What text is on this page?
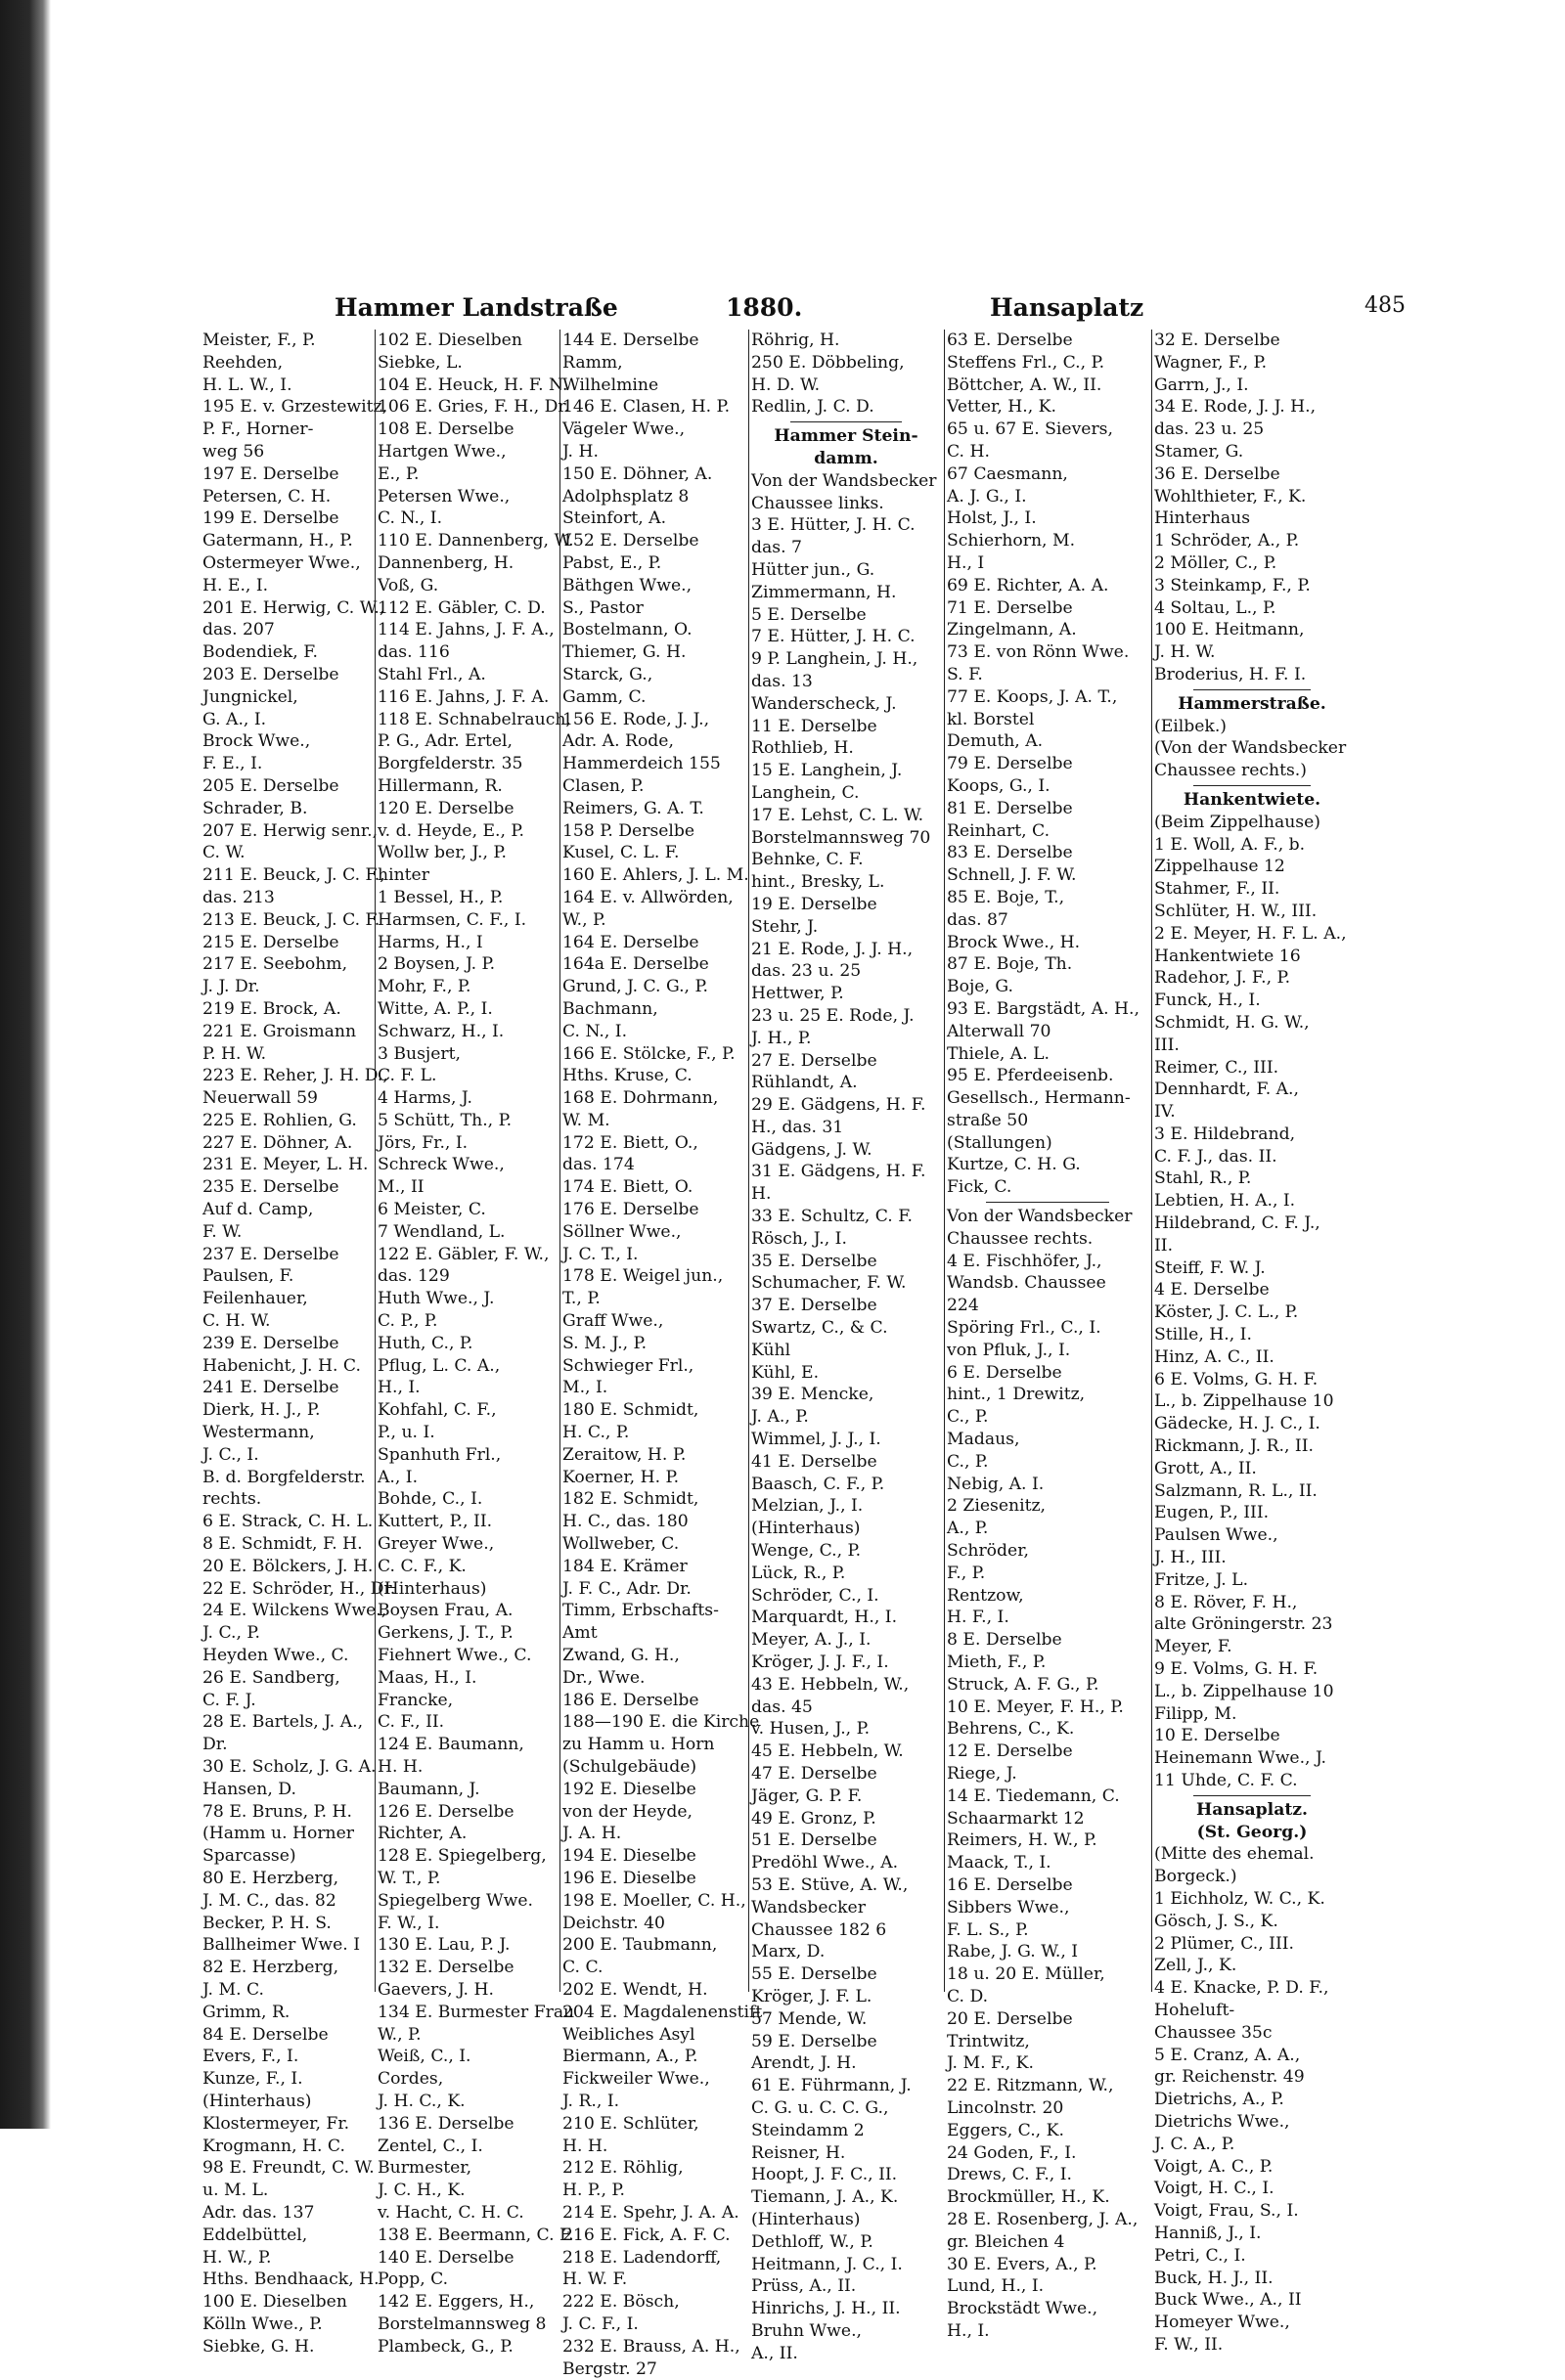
Hammer Landstraße	1880.	Hansaplatz	485
Meister, F., P.
Reehden,
H. L. W., I.
195 E. v. Grzestewitz,
P. F., Horner-
weg 56
197 E. Derselbe
Petersen, C. H.
199 E. Derselbe
Gatermann, H., P.
Ostermeyer Wwe.,
H. E., I.
201 E. Herwig, C. W.,
das. 207
Bodendiek, F.
203 E. Derselbe
Jungnickel,
G. A., I.
Brock Wwe.,
F. E., I.
205 E. Derselbe
Schrader, B.
207 E. Herwig senr.,
C. W.
211 E. Beuck, J. C. F.,
das. 213
213 E. Beuck, J. C. F.
215 E. Derselbe
217 E. Seebohm,
J. J. Dr.
219 E. Brock, A.
221 E. Groismann
P. H. W.
223 E. Reher, J. H. D.,
Neuerwall 59
225 E. Rohlien, G.
227 E. Döhner, A.
231 E. Meyer, L. H.
235 E. Derselbe
Auf d. Camp,
F. W.
237 E. Derselbe
Paulsen, F.
Feilenhauer,
C. H. W.
239 E. Derselbe
Habenicht, J. H. C.
241 E. Derselbe
Dierk, H. J., P.
Westermann,
J. C., I.
B. d. Borgfelderstr.
rechts.
6 E. Strack, C. H. L.
8 E. Schmidt, F. H.
20 E. Bölckers, J. H.
22 E. Schröder, H., Dr.
24 E. Wilckens Wwe.,
J. C., P.
Heyden Wwe., C.
26 E. Sandberg,
C. F. J.
28 E. Bartels, J. A.,
Dr.
30 E. Scholz, J. G. A.
Hansen, D.
78 E. Bruns, P. H.
(Hamm u. Horner
Sparcasse)
80 E. Herzberg,
J. M. C., das. 82
Becker, P. H. S.
Ballheimer Wwe. I
82 E. Herzberg,
J. M. C.
Grimm, R.
84 E. Derselbe
Evers, F., I.
Kunze, F., I.
(Hinterhaus)
Klostermeyer, Fr.
Krogmann, H. C.
98 E. Freundt, C. W.
u. M. L.
Adr. das. 137
Eddelbüttel,
H. W., P.
Hths. Bendhaack, H.
100 E. Dieselben
Kölln Wwe., P.
Siebke, G. H.
102 E. Dieselben
Siebke, L.
104 E. Heuck, H. F. N.
106 E. Gries, F. H., Dr.
108 E. Derselbe
Hartgen Wwe.,
E., P.
Petersen Wwe.,
C. N., I.
110 E. Dannenberg, W.
Dannenberg, H.
Voß, G.
112 E. Gäbler, C. D.
114 E. Jahns, J. F. A.,
das. 116
Stahl Frl., A.
116 E. Jahns, J. F. A.
118 E. Schnabelrauch,
P. G., Adr. Ertel,
Borgfelderstr. 35
Hillermann, R.
120 E. Derselbe
v. d. Heyde, E., P.
Wollw ber, J., P.
hinter
1 Bessel, H., P.
Harmsen, C. F., I.
Harms, H., I
2 Boysen, J. P.
Mohr, F., P.
Witte, A. P., I.
Schwarz, H., I.
3 Busjert,
C. F. L.
4 Harms, J.
5 Schütt, Th., P.
Jörs, Fr., I.
Schreck Wwe.,
M., II
6 Meister, C.
7 Wendland, L.
122 E. Gäbler, F. W.,
das. 129
Huth Wwe., J.
C. P., P.
Huth, C., P.
Pflug, L. C. A.,
H., I.
Kohfahl, C. F.,
P., u. I.
Spanhuth Frl.,
A., I.
Bohde, C., I.
Kuttert, P., II.
Greyer Wwe.,
C. C. F., K.
(Hinterhaus)
Boysen Frau, A.
Gerkens, J. T., P.
Fiehnert Wwe., C.
Maas, H., I.
Francke,
C. F., II.
124 E. Baumann,
H. H.
Baumann, J.
126 E. Derselbe
Richter, A.
128 E. Spiegelberg,
W. T., P.
Spiegelberg Wwe.
F. W., I.
130 E. Lau, P. J.
132 E. Derselbe
Gaevers, J. H.
134 E. Burmester Frau
W., P.
Weiß, C., I.
Cordes,
J. H. C., K.
136 E. Derselbe
Zentel, C., I.
Burmester,
J. C. H., K.
v. Hacht, C. H. C.
138 E. Beermann, C. F.
140 E. Derselbe
Popp, C.
142 E. Eggers, H.,
Borstelmannsweg 8
Plambeck, G., P.
144 E. Derselbe
Ramm,
Wilhelmine
146 E. Clasen, H. P.
Vägeler Wwe.,
J. H.
150 E. Döhner, A.
Adolphsplatz 8
Steinfort, A.
152 E. Derselbe
Pabst, E., P.
Bäthgen Wwe.,
S., Pastor
Bostelmann, O.
Thiemer, G. H.
Starck, G.,
Gamm, C.
156 E. Rode, J. J.,
Adr. A. Rode,
Hammerdeich 155
Clasen, P.
Reimers, G. A. T.
158 P. Derselbe
Kusel, C. L. F.
160 E. Ahlers, J. L. M.
164 E. v. Allwörden,
W., P.
164 E. Derselbe
164a E. Derselbe
Grund, J. C. G., P.
Bachmann,
C. N., I.
166 E. Stölcke, F., P.
Hths. Kruse, C.
168 E. Dohrmann,
W. M.
172 E. Biett, O.,
das. 174
174 E. Biett, O.
176 E. Derselbe
Söllner Wwe.,
J. C. T., I.
178 E. Weigel jun.,
T., P.
Graff Wwe.,
S. M. J., P.
Schwieger Frl.,
M., I.
180 E. Schmidt,
H. C., P.
Zeraitow, H. P.
Koerner, H. P.
182 E. Schmidt,
H. C., das. 180
Wollweber, C.
184 E. Krämer
J. F. C., Adr. Dr.
Timm, Erbschafts-
Amt
Zwand, G. H.,
Dr., Wwe.
186 E. Derselbe
188—190 E. die Kirche
zu Hamm u. Horn
(Schulgebäude)
192 E. Dieselbe
von der Heyde,
J. A. H.
194 E. Dieselbe
196 E. Dieselbe
198 E. Moeller, C. H.,
Deichstr. 40
200 E. Taubmann,
C. C.
202 E. Wendt, H.
204 E. Magdalenenstift
Weibliches Asyl
Biermann, A., P.
Fickweiler Wwe.,
J. R., I.
210 E. Schlüter,
H. H.
212 E. Röhlig,
H. P., P.
214 E. Spehr, J. A. A.
216 E. Fick, A. F. C.
218 E. Ladendorff,
H. W. F.
222 E. Bösch,
J. C. F., I.
232 E. Brauss, A. H.,
Bergstr. 27
Röhrig, H.
250 E. Döbbeling,
H. D. W.
Redlin, J. C. D.
Hammer Stein-
damm.
Von der Wandsbecker
Chaussee links.
3 E. Hütter, J. H. C.
das. 7
Hütter jun., G.
Zimmermann, H.
5 E. Derselbe
7 E. Hütter, J. H. C.
9 P. Langhein, J. H.,
das. 13
Wanderscheck, J.
11 E. Derselbe
Rothlieb, H.
15 E. Langhein, J.
Langhein, C.
17 E. Lehst, C. L. W.
Borstelmannsweg 70
Behnke, C. F.
hint., Bresky, L.
19 E. Derselbe
Stehr, J.
21 E. Rode, J. J. H.,
das. 23 u. 25
Hettwer, P.
23 u. 25 E. Rode, J.
J. H., P.
27 E. Derselbe
Rühlandt, A.
29 E. Gädgens, H. F.
H., das. 31
Gädgens, J. W.
31 E. Gädgens, H. F.
H.
33 E. Schultz, C. F.
Rösch, J., I.
35 E. Derselbe
Schumacher, F. W.
37 E. Derselbe
Swartz, C., & C.
Kühl
Kühl, E.
39 E. Mencke,
J. A., P.
Wimmel, J. J., I.
41 E. Derselbe
Baasch, C. F., P.
Melzian, J., I.
(Hinterhaus)
Wenge, C., P.
Lück, R., P.
Schröder, C., I.
Marquardt, H., I.
Meyer, A. J., I.
Kröger, J. J. F., I.
43 E. Hebbeln, W.,
das. 45
v. Husen, J., P.
45 E. Hebbeln, W.
47 E. Derselbe
Jäger, G. P. F.
49 E. Gronz, P.
51 E. Derselbe
Predöhl Wwe., A.
53 E. Stüve, A. W.,
Wandsbecker
Chaussee 182 6
Marx, D.
55 E. Derselbe
Kröger, J. F. L.
57 Mende, W.
59 E. Derselbe
Arendt, J. H.
61 E. Führmann, J.
C. G. u. C. C. G.,
Steindamm 2
Reisner, H.
Hoopt, J. F. C., II.
Tiemann, J. A., K.
(Hinterhaus)
Dethloff, W., P.
Heitmann, J. C., I.
Prüss, A., II.
Hinrichs, J. H., II.
Bruhn Wwe.,
A., II.
63 E. Derselbe
Steffens Frl., C., P.
Böttcher, A. W., II.
Vetter, H., K.
65 u. 67 E. Sievers,
C. H.
67 Caesmann,
A. J. G., I.
Holst, J., I.
Schierhorn, M.
H., I
69 E. Richter, A. A.
71 E. Derselbe
Zingelmann, A.
73 E. von Rönn Wwe.
S. F.
77 E. Koops, J. A. T.,
kl. Borstel
Demuth, A.
79 E. Derselbe
Koops, G., I.
81 E. Derselbe
Reinhart, C.
83 E. Derselbe
Schnell, J. F. W.
85 E. Boje, T.,
das. 87
Brock Wwe., H.
87 E. Boje, Th.
Boje, G.
93 E. Bargstädt, A. H.,
Alterwall 70
Thiele, A. L.
95 E. Pferdeeisenb.
Gesellsch., Hermann-
straße 50
(Stallungen)
Kurtze, C. H. G.
Fick, C.
Von der Wandsbecker
Chaussee rechts.
4 E. Fischhöfer, J.,
Wandsb. Chaussee
224
Spöring Frl., C., I.
von Pfluk, J., I.
6 E. Derselbe
hint., 1 Drewitz,
C., P.
Madaus,
C., P.
Nebig, A. I.
2 Ziesenitz,
A., P.
Schröder,
F., P.
Rentzow,
H. F., I.
8 E. Derselbe
Mieth, F., P.
Struck, A. F. G., P.
10 E. Meyer, F. H., P.
Behrens, C., K.
12 E. Derselbe
Riege, J.
14 E. Tiedemann, C.
Schaarmarkt 12
Reimers, H. W., P.
Maack, T., I.
16 E. Derselbe
Sibbers Wwe.,
F. L. S., P.
Rabe, J. G. W., I
18 u. 20 E. Müller,
C. D.
20 E. Derselbe
Trintwitz,
J. M. F., K.
22 E. Ritzmann, W.,
Lincolnstr. 20
Eggers, C., K.
24 Goden, F., I.
Drews, C. F., I.
Brockmüller, H., K.
28 E. Rosenberg, J. A.,
gr. Bleichen 4
30 E. Evers, A., P.
Lund, H., I.
Brockstädt Wwe.,
H., I.
32 E. Derselbe
Wagner, F., P.
Garrn, J., I.
34 E. Rode, J. J. H.,
das. 23 u. 25
Stamer, G.
36 E. Derselbe
Wohlthieter, F., K.
Hinterhaus
1 Schröder, A., P.
2 Möller, C., P.
3 Steinkamp, F., P.
4 Soltau, L., P.
100 E. Heitmann,
J. H. W.
Broderius, H. F. I.
Hammerstraße.
(Eilbek.)
(Von der Wandsbecker
Chaussee rechts.)
Hankentwiete.
(Beim Zippelhause)
1 E. Woll, A. F., b.
Zippelhause 12
Stahmer, F., II.
Schlüter, H. W., III.
2 E. Meyer, H. F. L. A.,
Hankentwiete 16
Radehor, J. F., P.
Funck, H., I.
Schmidt, H. G. W.,
III.
Reimer, C., III.
Dennhardt, F. A.,
IV.
3 E. Hildebrand,
C. F. J., das. II.
Stahl, R., P.
Lebtien, H. A., I.
Hildebrand, C. F. J.,
II.
Steiff, F. W. J.
4 E. Derselbe
Köster, J. C. L., P.
Stille, H., I.
Hinz, A. C., II.
6 E. Volms, G. H. F.
L., b. Zippelhause 10
Gädecke, H. J. C., I.
Rickmann, J. R., II.
Grott, A., II.
Salzmann, R. L., II.
Eugen, P., III.
Paulsen Wwe.,
J. H., III.
Fritze, J. L.
8 E. Röver, F. H.,
alte Gröningerstr. 23
Meyer, F.
9 E. Volms, G. H. F.
L., b. Zippelhause 10
Filipp, M.
10 E. Derselbe
Heinemann Wwe., J.
11 Uhde, C. F. C.
Hansaplatz.
(St. Georg.)
(Mitte des ehemal.
Borgeck.)
1 Eichholz, W. C., K.
Gösch, J. S., K.
2 Plümer, C., III.
Zell, J., K.
4 E. Knacke, P. D. F.,
Hoheluft-
Chaussee 35c
5 E. Cranz, A. A.,
gr. Reichenstr. 49
Dietrichs, A., P.
Dietrichs Wwe.,
J. C. A., P.
Voigt, A. C., P.
Voigt, H. C., I.
Voigt, Frau, S., I.
Hanniß, J., I.
Petri, C., I.
Buck, H. J., II.
Buck Wwe., A., II
Homeyer Wwe.,
F. W., II.
